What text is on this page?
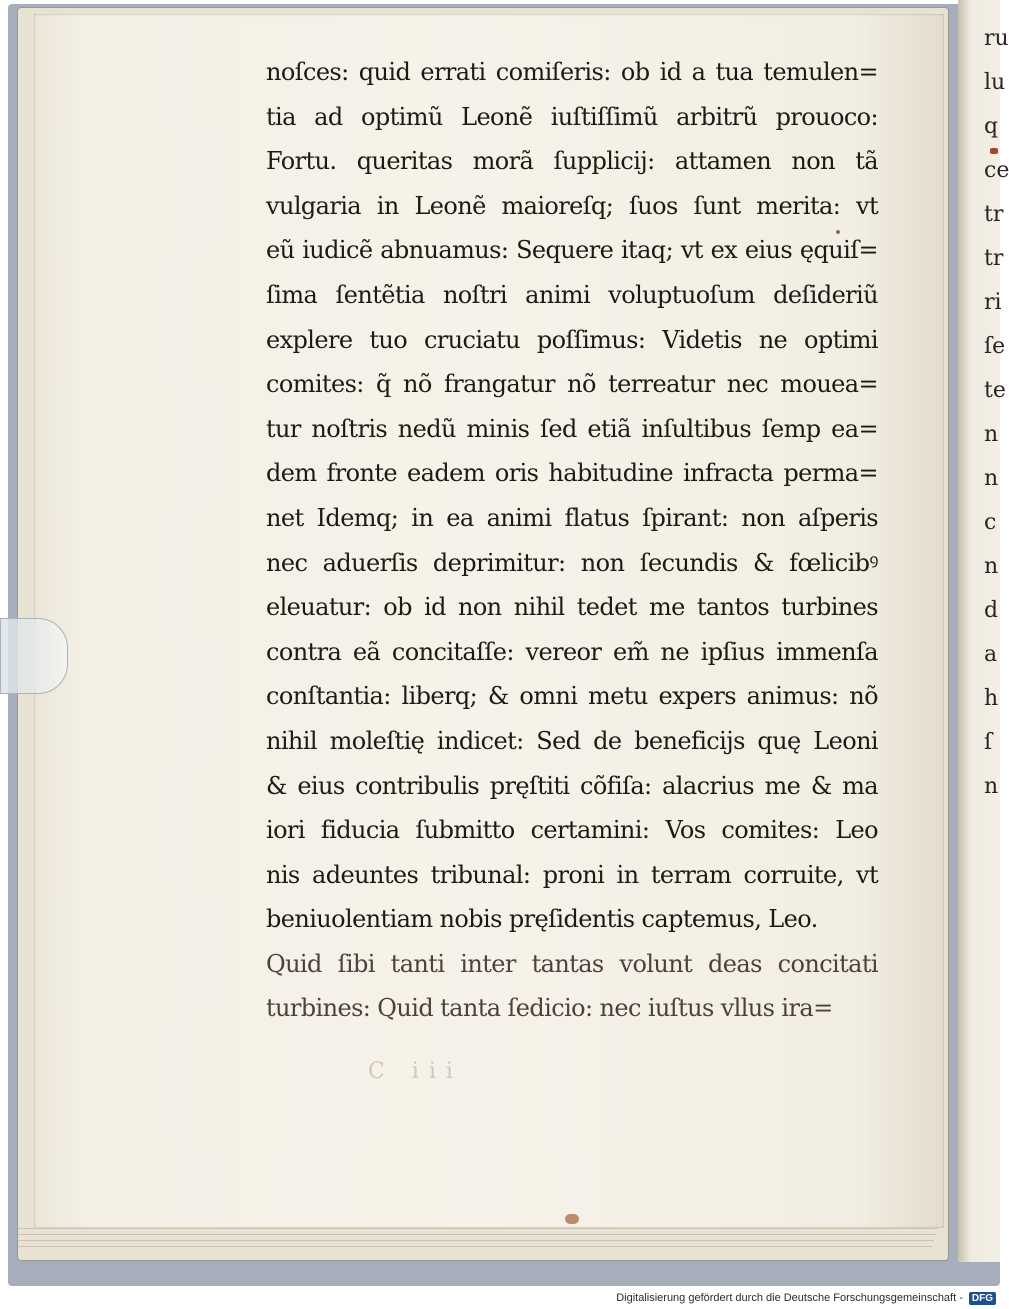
ru
lu
q
ce
tr
tr
ri
ſe
te
n
n
c
n
d
a
h
ſ
n
noſces: quid errati comiſeris: ob id a tua temulen=
tia ad optimũ Leonẽ iuſtiſſimũ arbitrũ prouoco:
Fortu. queritas morã ſupplicij: attamen non tã
vulgaria in Leonẽ maioreſq; ſuos ſunt merita: vt
eũ iudicẽ abnuamus: Sequere itaq; vt ex eius ęquiſ=
ſima ſentẽtia noſtri animi voluptuoſum deſideriũ
explere tuo cruciatu poſſimus: Videtis ne optimi
comites: q̃ nõ frangatur nõ terreatur nec mouea=
tur noſtris nedũ minis ſed etiã inſultibus ſemp ea=
dem fronte eadem oris habitudine infracta perma=
net Idemq; in ea animi flatus ſpirant: non aſperis
nec aduerſis deprimitur: non ſecundis & fœlicibꝰ
eleuatur: ob id non nihil tedet me tantos turbines
contra eã concitaſſe: vereor em̃ ne ipſius immenſa
conſtantia: liberq; & omni metu expers animus: nõ
nihil moleſtię indicet: Sed de beneficijs quę Leoni
& eius contribulis pręſtiti cõfiſa: alacrius me & ma
iori fiducia ſubmitto certamini: Vos comites: Leo
nis adeuntes tribunal: proni in terram corruite, vt
beniuolentiam nobis pręſidentis captemus, Leo.
Quid ſibi tanti inter tantas volunt deas concitati
turbines: Quid tanta ſedicio: nec iuſtus vllus ira=
C iii
Digitalisierung gefördert durch die Deutsche Forschungsgemeinschaft - DFG
